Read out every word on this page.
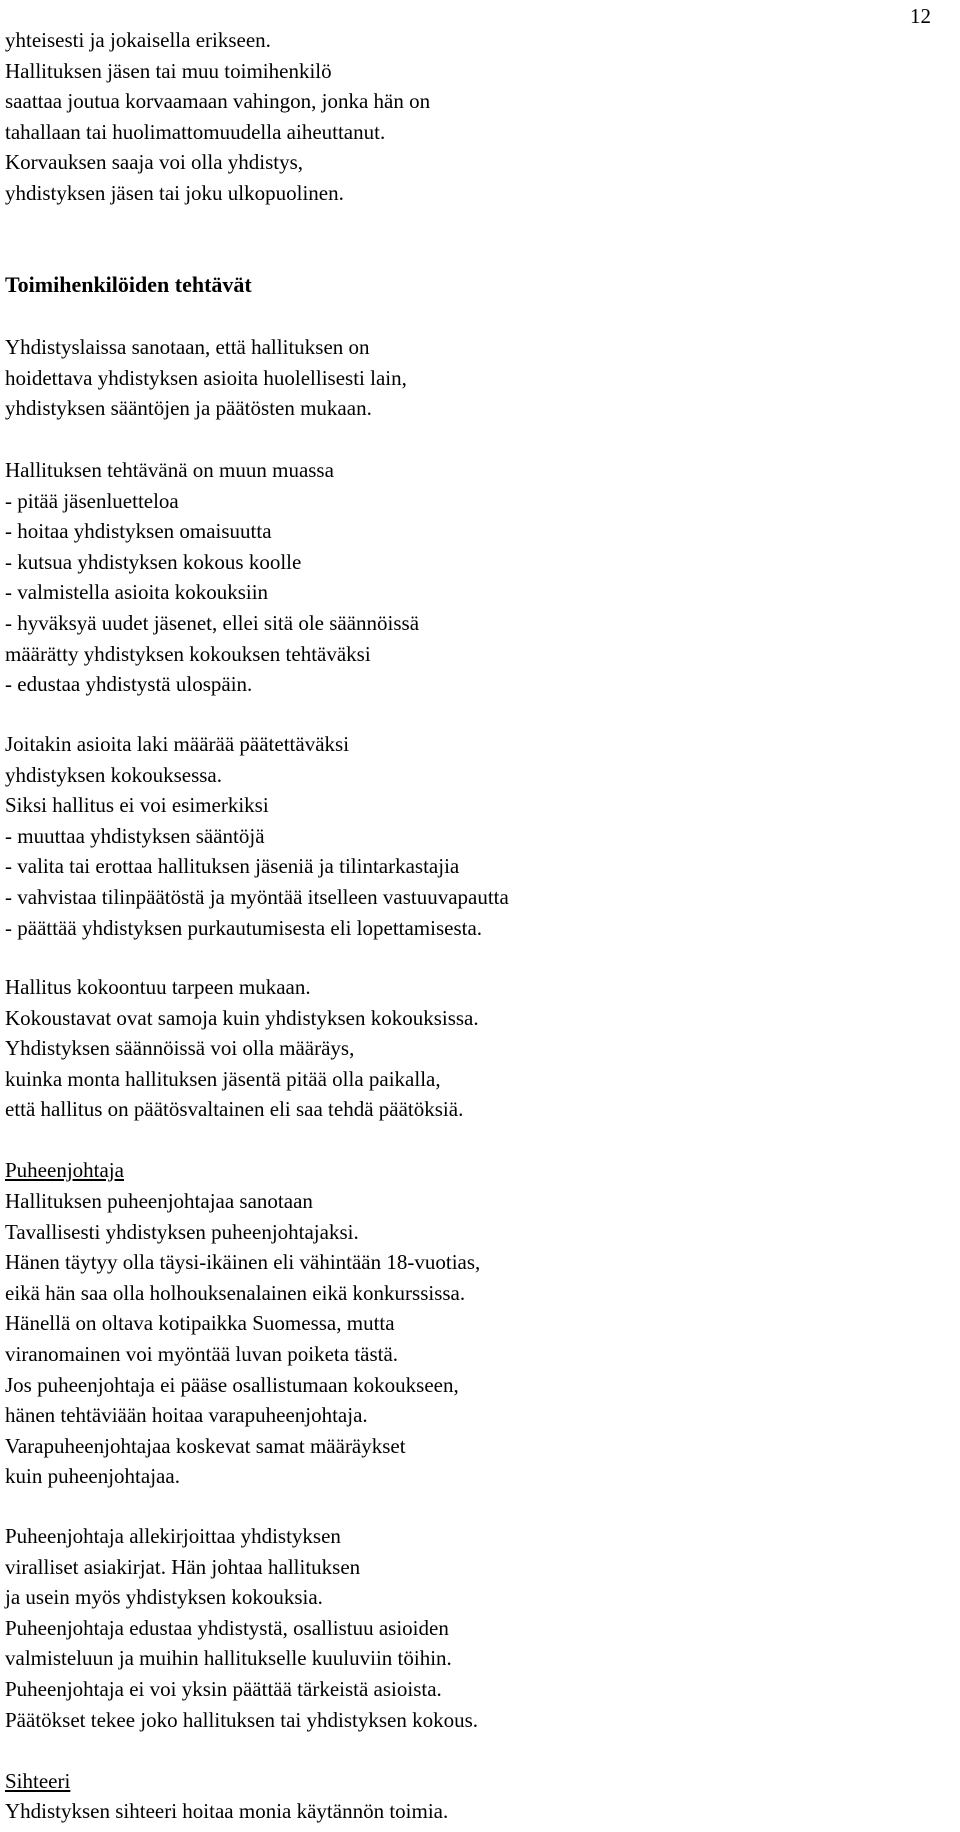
12

yhteisesti ja jokaisella erikseen.
Hallituksen jäsen tai muu toimihenkilö
saattaa joutua korvaamaan vahingon, jonka hän on
tahallaan tai huolimattomuudella aiheuttanut.
Korvauksen saaja voi olla yhdistys,
yhdistyksen jäsen tai joku ulkopuolinen.

Toimihenkilöiden tehtävät

Yhdistyslaissa sanotaan, että hallituksen on
hoidettava yhdistyksen asioita huolellisesti lain,
yhdistyksen sääntöjen ja päätösten mukaan.

Hallituksen tehtävänä on muun muassa
- pitää jäsenluetteloa
- hoitaa yhdistyksen omaisuutta
- kutsua yhdistyksen kokous koolle
- valmistella asioita kokouksiin
- hyväksyä uudet jäsenet, ellei sitä ole säännöissä
määrätty yhdistyksen kokouksen tehtäväksi
- edustaa yhdistystä ulospäin.

Joitakin asioita laki määrää päätettäväksi
yhdistyksen kokouksessa.
Siksi hallitus ei voi esimerkiksi
- muuttaa yhdistyksen sääntöjä
- valita tai erottaa hallituksen jäseniä ja tilintarkastajia
- vahvistaa tilinpäätöstä ja myöntää itselleen vastuuvapautta
- päättää yhdistyksen purkautumisesta eli lopettamisesta.

Hallitus kokoontuu tarpeen mukaan.
Kokoustavat ovat samoja kuin yhdistyksen kokouksissa.
Yhdistyksen säännöissä voi olla määräys,
kuinka monta hallituksen jäsentä pitää olla paikalla,
että hallitus on päätösvaltainen eli saa tehdä päätöksiä.

Puheenjohtaja

Hallituksen puheenjohtajaa sanotaan
Tavallisesti yhdistyksen puheenjohtajaksi.
Hänen täytyy olla täysi-ikäinen eli vähintään 18-vuotias,
eikä hän saa olla holhouksenalainen eikä konkurssissa.
Hänellä on oltava kotipaikka Suomessa, mutta
viranomainen voi myöntää luvan poiketa tästä.
Jos puheenjohtaja ei pääse osallistumaan kokoukseen,
hänen tehtäviään hoitaa varapuheenjohtaja.
Varapuheenjohtajaa koskevat samat määräykset
kuin puheenjohtajaa.

Puheenjohtaja allekirjoittaa yhdistyksen
viralliset asiakirjat. Hän johtaa hallituksen
ja usein myös yhdistyksen kokouksia.
Puheenjohtaja edustaa yhdistystä, osallistuu asioiden
valmisteluun ja muihin hallitukselle kuuluviin töihin.
Puheenjohtaja ei voi yksin päättää tärkeistä asioista.
Päätökset tekee joko hallituksen tai yhdistyksen kokous.

Sihteeri

Yhdistyksen sihteeri hoitaa monia käytännön toimia.
